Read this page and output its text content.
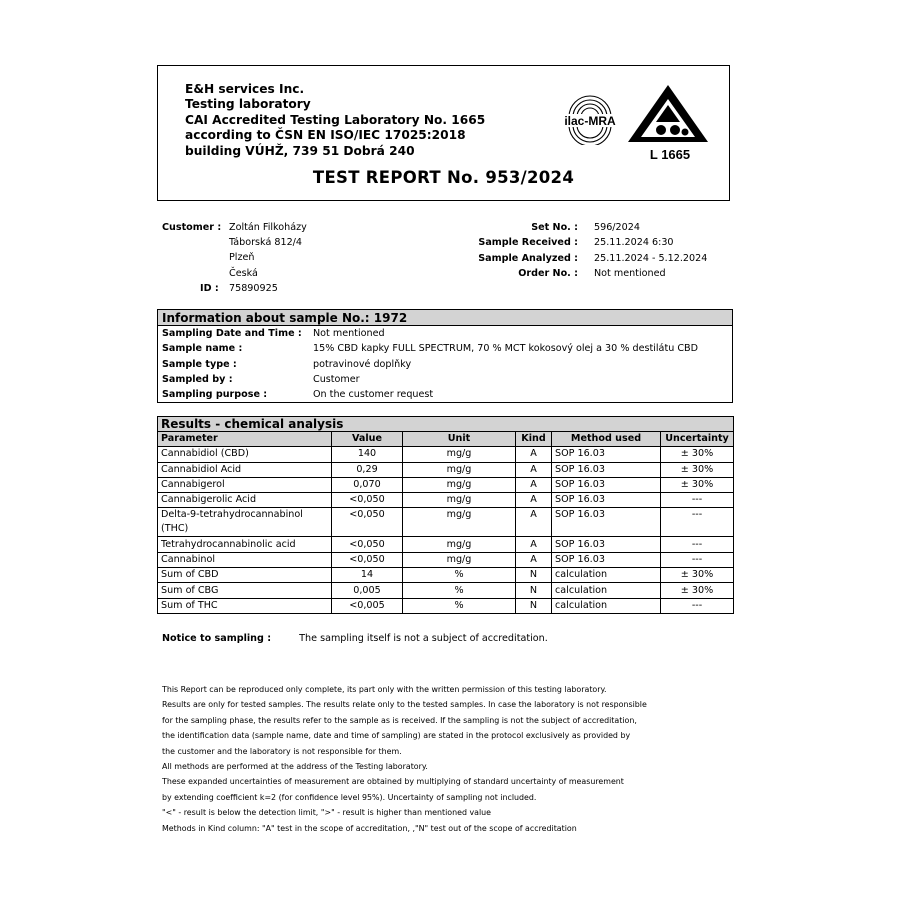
E&H services Inc.
Testing laboratory
CAI Accredited Testing Laboratory No. 1665
according to ČSN EN ISO/IEC 17025:2018
building VÚHŽ, 739 51 Dobrá 240
ilac-MRA
L 1665
TEST REPORT No. 953/2024
Customer : Zoltán Filkoházy
Táborská 812/4
Plzeň
Česká
ID : 75890925
Set No. : 596/2024
Sample Received : 25.11.2024 6:30
Sample Analyzed : 25.11.2024 - 5.12.2024
Order No. : Not mentioned
Information about sample No.: 1972	
Sampling Date and Time :	Not mentioned
Sample name :	15% CBD kapky FULL SPECTRUM, 70 % MCT kokosový olej a 30 % destilátu CBD
Sample type :	potravinové doplňky
Sampled by :	Customer
Sampling purpose :	On the customer request
Results - chemical analysis					
Parameter	Value	Unit	Kind	Method used	Uncertainty
Cannabidiol (CBD)	140	mg/g	A	SOP 16.03	± 30%
Cannabidiol Acid	0,29	mg/g	A	SOP 16.03	± 30%
Cannabigerol	0,070	mg/g	A	SOP 16.03	± 30%
Cannabigerolic Acid	<0,050	mg/g	A	SOP 16.03	---
Delta-9-tetrahydrocannabinol (THC)	<0,050	mg/g	A	SOP 16.03	---
Tetrahydrocannabinolic acid	<0,050	mg/g	A	SOP 16.03	---
Cannabinol	<0,050	mg/g	A	SOP 16.03	---
Sum of CBD	14	%	N	calculation	± 30%
Sum of CBG	0,005	%	N	calculation	± 30%
Sum of THC	<0,005	%	N	calculation	---
Notice to sampling :	The sampling itself is not a subject of accreditation.
This Report can be reproduced only complete, its part only with the written permission of this testing laboratory.
Results are only for tested samples. The results relate only to the tested samples. In case the laboratory is not responsible
for the sampling phase, the results refer to the sample as is received. If the sampling is not the subject of accreditation,
the identification data (sample name, date and time of sampling) are stated in the protocol exclusively as provided by
the customer and the laboratory is not responsible for them.
All methods are performed at the address of the Testing laboratory.
These expanded uncertainties of measurement are obtained by multiplying of standard uncertainty of measurement
by extending coefficient k=2 (for confidence level 95%). Uncertainty of sampling not included.
"<" - result is below the detection limit, ">" - result is higher than mentioned value
Methods in Kind column: "A" test in the scope of accreditation, ,"N" test out of the scope of accreditation
